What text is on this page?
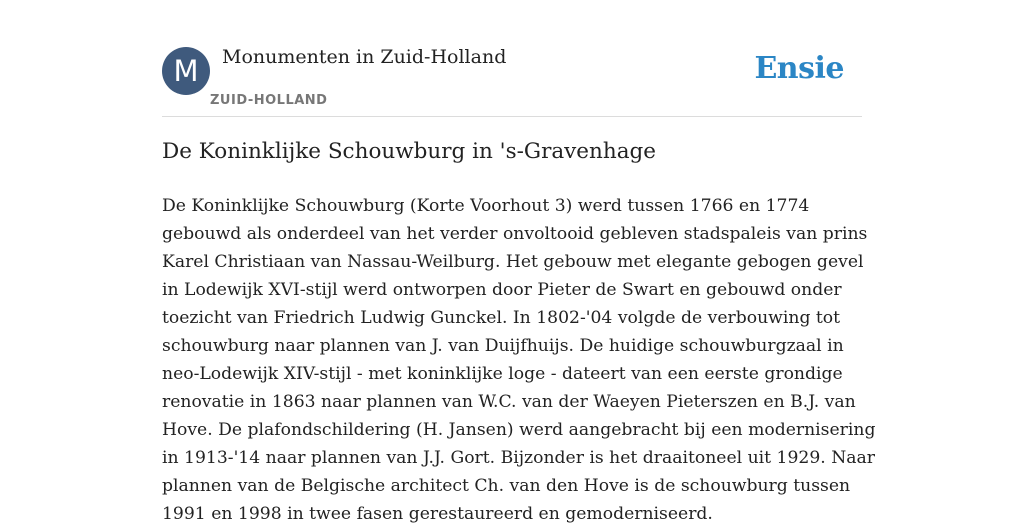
M	Monumenten in Zuid-Holland
ZUID-HOLLAND
Ensie
De Koninklijke Schouwburg in 's-Gravenhage
De Koninklijke Schouwburg (Korte Voorhout 3) werd tussen 1766 en 1774
gebouwd als onderdeel van het verder onvoltooid gebleven stadspaleis van prins
Karel Christiaan van Nassau-Weilburg. Het gebouw met elegante gebogen gevel
in Lodewijk XVI-stijl werd ontworpen door Pieter de Swart en gebouwd onder
toezicht van Friedrich Ludwig Gunckel. In 1802-'04 volgde de verbouwing tot
schouwburg naar plannen van J. van Duijfhuijs. De huidige schouwburgzaal in
neo-Lodewijk XIV-stijl - met koninklijke loge - dateert van een eerste grondige
renovatie in 1863 naar plannen van W.C. van der Waeyen Pieterszen en B.J. van
Hove. De plafondschildering (H. Jansen) werd aangebracht bij een modernisering
in 1913-'14 naar plannen van J.J. Gort. Bijzonder is het draaitoneel uit 1929. Naar
plannen van de Belgische architect Ch. van den Hove is de schouwburg tussen
1991 en 1998 in twee fasen gerestaureerd en gemoderniseerd.
